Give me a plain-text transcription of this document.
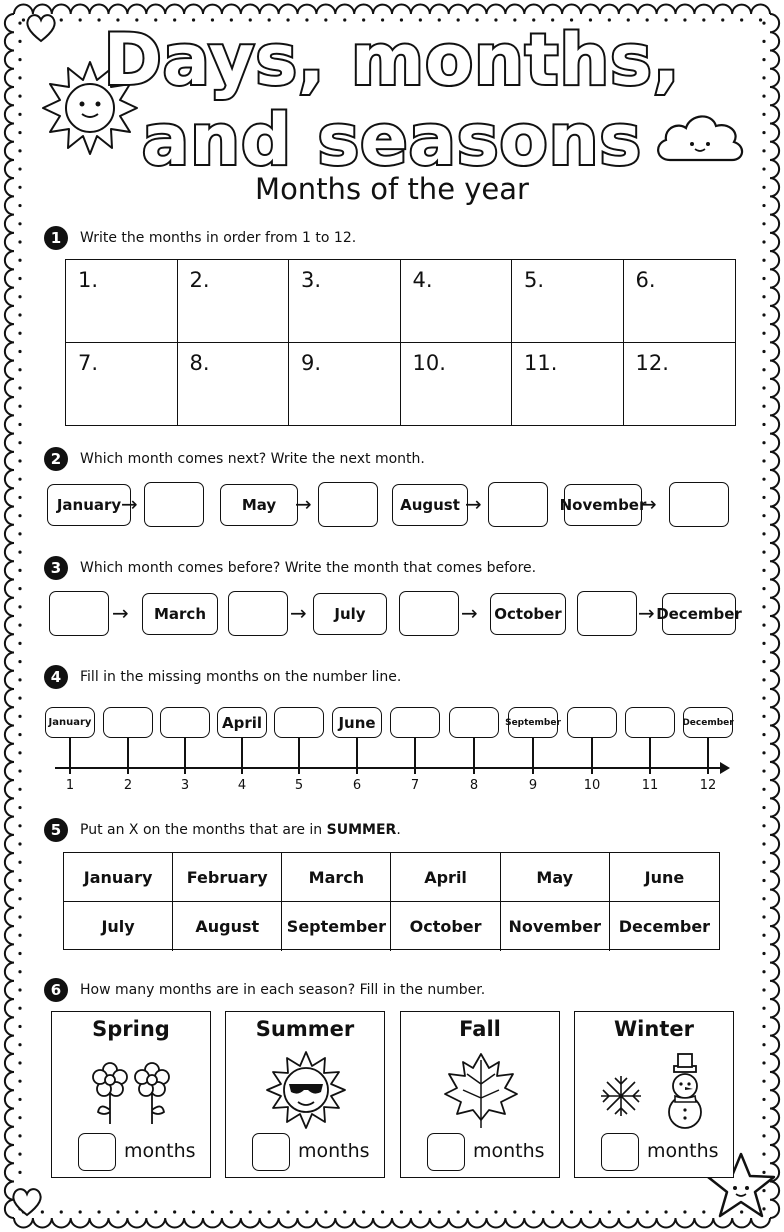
Days, months,
and seasons
Months of the year
1	Write the months in order from 1 to 12.
1.	2.	3.	4.	5.	6.
7.	8.	9.	10.	11.	12.
2	Which month comes next? Write the next month.
January →	May →	August →	November
→
3	Which month comes before? Write the month that comes before.
→	March	→	July	→ October	→ December
4	Fill in the missing months on the number line.
January
1	2	3
April
4	5
June
6	7	8
September
9	10	11
December
12
5	Put an X on the months that are in SUMMER.
January	February	March	April	May	June
July	August	September	October	November	December
6	How many months are in each season? Fill in the number.
Spring
months
Summer
months
Fall
months
Winter
months
